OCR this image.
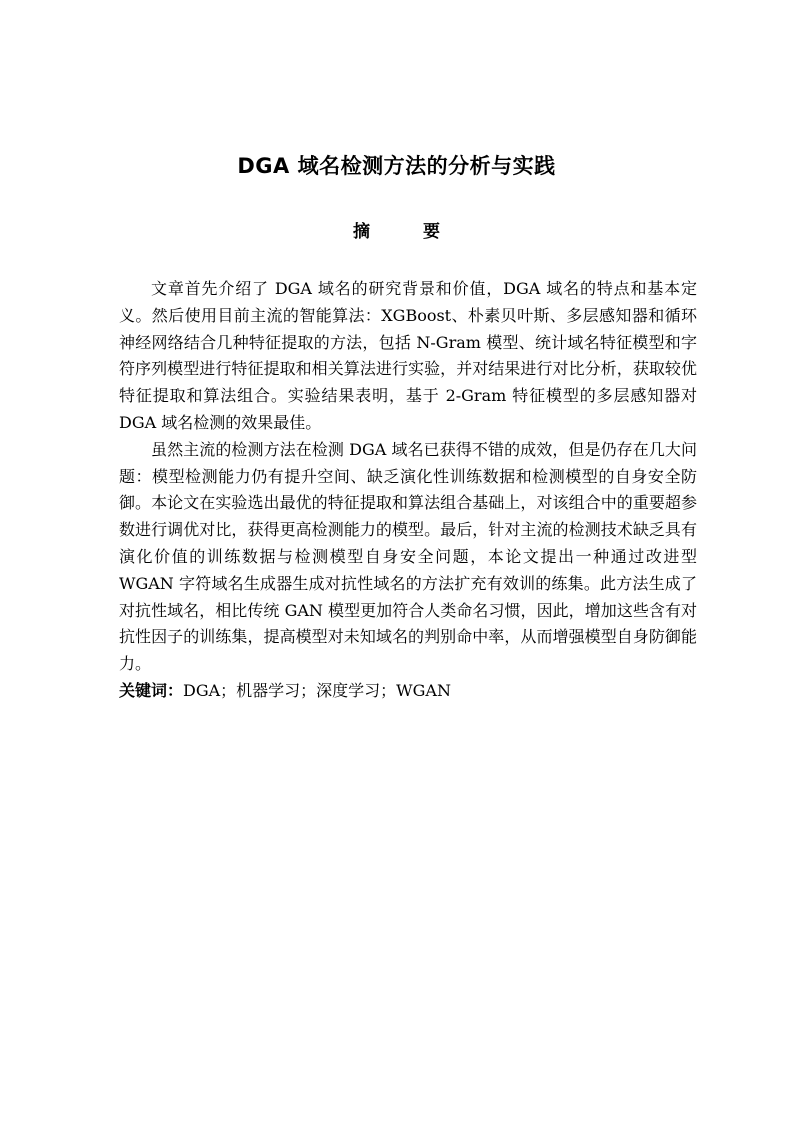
DGA 域名检测方法的分析与实践
摘　要

文章首先介绍了 DGA 域名的研究背景和价值，DGA 域名的特点和基本定义。然后使用目前主流的智能算法：XGBoost、朴素贝叶斯、多层感知器和循环神经网络结合几种特征提取的方法，包括 N-Gram 模型、统计域名特征模型和字符序列模型进行特征提取和相关算法进行实验，并对结果进行对比分析，获取较优特征提取和算法组合。实验结果表明，基于 2-Gram 特征模型的多层感知器对 DGA 域名检测的效果最佳。

虽然主流的检测方法在检测 DGA 域名已获得不错的成效，但是仍存在几大问题：模型检测能力仍有提升空间、缺乏演化性训练数据和检测模型的自身安全防御。本论文在实验选出最优的特征提取和算法组合基础上，对该组合中的重要超参数进行调优对比，获得更高检测能力的模型。最后，针对主流的检测技术缺乏具有演化价值的训练数据与检测模型自身安全问题，本论文提出一种通过改进型 WGAN 字符域名生成器生成对抗性域名的方法扩充有效训的练集。此方法生成了对抗性域名，相比传统 GAN 模型更加符合人类命名习惯，因此，增加这些含有对抗性因子的训练集，提高模型对未知域名的判别命中率，从而增强模型自身防御能力。

关键词：DGA；机器学习；深度学习；WGAN
